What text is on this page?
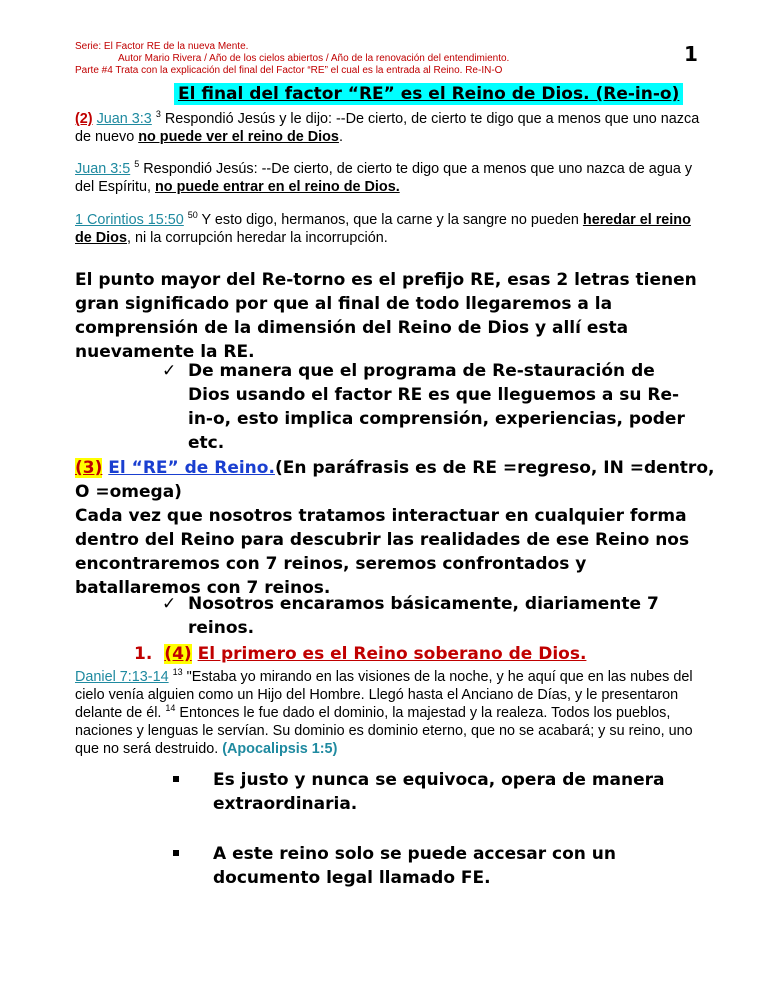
Serie: El Factor RE de la nueva Mente.
Autor Mario Rivera / Año de los cielos abiertos / Año de la renovación del entendimiento.
Parte #4 Trata con la explicación del final del Factor “RE” el cual es la entrada al Reino. Re-IN-O
1
El final del factor “RE” es el Reino de Dios. (Re-in-o)
(2) Juan 3:3 $^3$ Respondió Jesús y le dijo: --De cierto, de cierto te digo que a menos que uno nazca de nuevo no puede ver el reino de Dios.
Juan 3:5 $^5$ Respondió Jesús: --De cierto, de cierto te digo que a menos que uno nazca de agua y del Espíritu, no puede entrar en el reino de Dios.
1 Corintios 15:50 $^{50}$ Y esto digo, hermanos, que la carne y la sangre no pueden heredar el reino de Dios, ni la corrupción heredar la incorrupción.
El punto mayor del Re-torno es el prefijo RE, esas 2 letras tienen gran significado por que al final de todo llegaremos a la comprensión de la dimensión del Reino de Dios y allí esta nuevamente la RE.
✓ De manera que el programa de Re-stauración de Dios usando el factor RE es que lleguemos a su Re-in-o, esto implica comprensión, experiencias, poder etc.
(3) El “RE” de Reino.(En paráfrasis es de RE =regreso, IN =dentro, O =omega)
Cada vez que nosotros tratamos interactuar en cualquier forma dentro del Reino para descubrir las realidades de ese Reino nos encontraremos con 7 reinos, seremos confrontados y batallaremos con 7 reinos.
✓ Nosotros encaramos básicamente, diariamente 7 reinos.
1. (4) El primero es el Reino soberano de Dios.
Daniel 7:13-14 $^{13}$ "Estaba yo mirando en las visiones de la noche, y he aquí que en las nubes del cielo venía alguien como un Hijo del Hombre. Llegó hasta el Anciano de Días, y le presentaron delante de él. $^{14}$ Entonces le fue dado el dominio, la majestad y la realeza. Todos los pueblos, naciones y lenguas le servían. Su dominio es dominio eterno, que no se acabará; y su reino, uno que no será destruido. (Apocalipsis 1:5)
Es justo y nunca se equivoca, opera de manera extraordinaria.
A este reino solo se puede accesar con un documento legal llamado FE.
